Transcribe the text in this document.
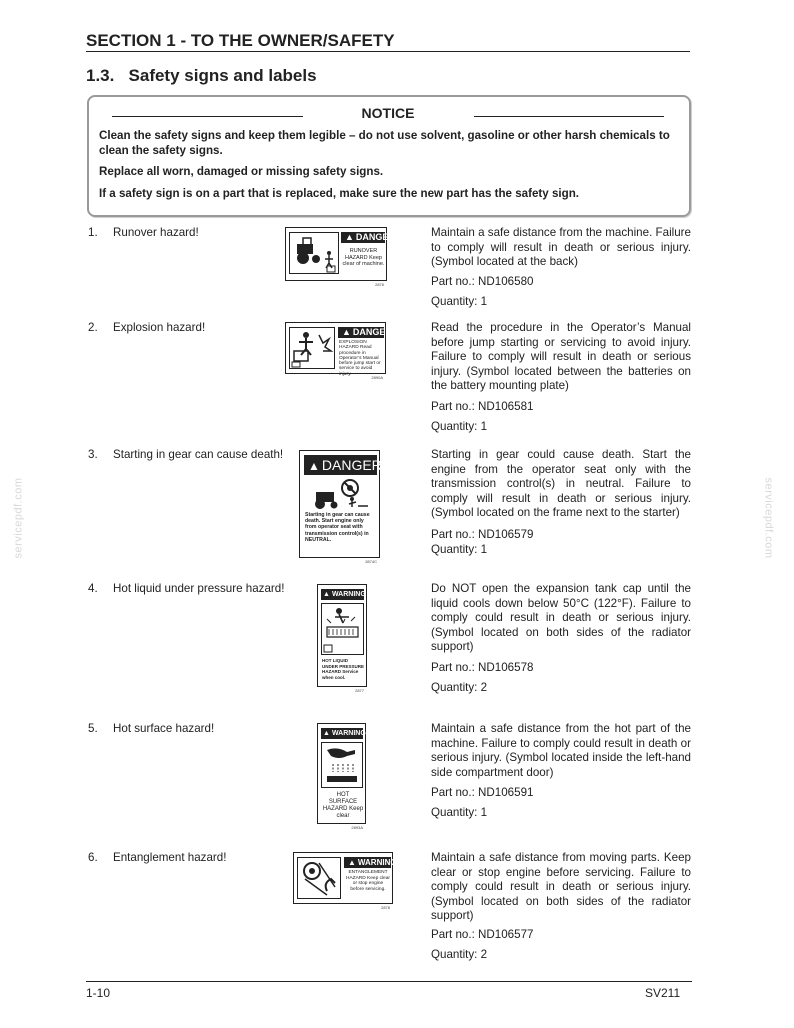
SECTION 1 - TO THE OWNER/SAFETY
1.3.   Safety signs and labels
NOTICE
Clean the safety signs and keep them legible – do not use solvent, gasoline or other harsh chemicals to clean the safety signs.
Replace all worn, damaged or missing safety signs.
If a safety sign is on a part that is replaced, make sure the new part has the safety sign.
1. Runover hazard!	▲ DANGER
RUNOVER HAZARD Keep clear of machine.
2876
Maintain a safe distance from the machine. Failure to comply will result in death or serious injury. (Symbol located at the back)
Part no.: ND106580
Quantity: 1
2. Explosion hazard!	▲ DANGER
EXPLOSION HAZARD Read procedure in Operator’s Manual before jump start or service to avoid injury.
2890A
Read the procedure in the Operator’s Manual before jump starting or servicing to avoid injury. Failure to comply will result in death or serious injury. (Symbol located between the batteries on the battery mounting plate)
Part no.: ND106581
Quantity: 1
3. Starting in gear can cause death!
▲ DANGER
Starting in gear can cause death. Start engine only from operator seat with transmission control(s) in NEUTRAL.
2874C
Starting in gear could cause death. Start the engine from the operator seat only with the transmission control(s) in neutral. Failure to comply will result in death or serious injury. (Symbol located on the frame next to the starter)
Part no.: ND106579
Quantity: 1
4. Hot liquid under pressure hazard!	▲ WARNING
HOT LIQUID UNDER PRESSURE HAZARD Service when cool.
2877
Do NOT open the expansion tank cap until the liquid cools down below 50°C (122°F). Failure to comply could result in death or serious injury. (Symbol located on both sides of the radiator support)
Part no.: ND106578
Quantity: 2
5. Hot surface hazard!	▲ WARNING
HOT SURFACE HAZARD Keep clear
2893A
Maintain a safe distance from the hot part of the machine. Failure to comply could result in death or serious injury. (Symbol located inside the left-hand side compartment door)
Part no.: ND106591
Quantity: 1
6. Entanglement hazard!	▲ WARNING
ENTANGLEMENT HAZARD Keep clear or stop engine before servicing.
2878
Maintain a safe distance from moving parts. Keep clear or stop engine before servicing. Failure to comply could result in death or serious injury. (Symbol located on both sides of the radiator support)
Part no.: ND106577
Quantity: 2
servicepdf.com	servicepdf.com
1-10	SV211
